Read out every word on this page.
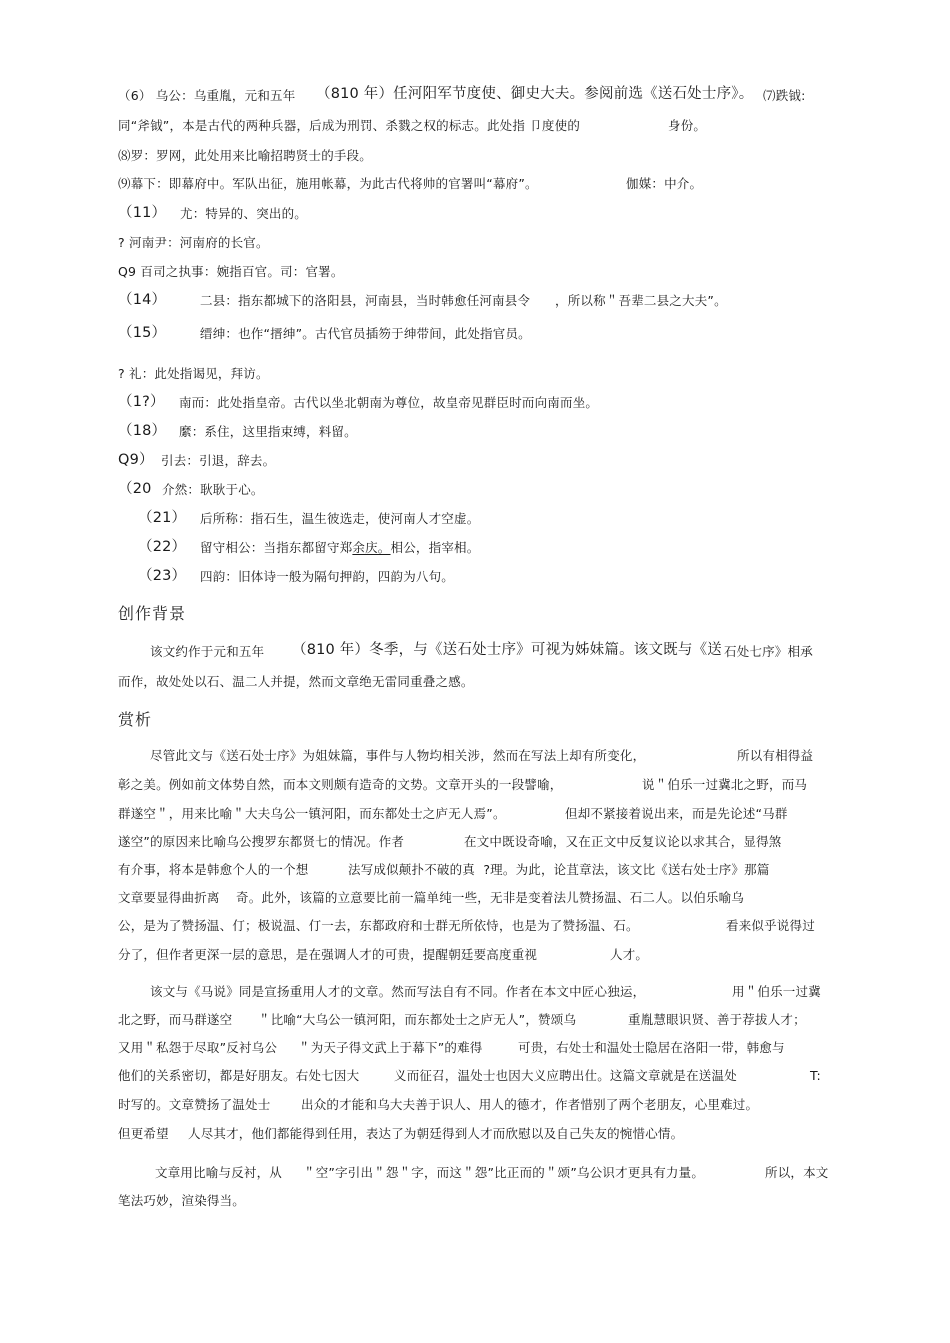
（6） 乌公：乌重胤，元和五年 （810 年）任河阳军节度使、御史大夫。参阅前选《送石处士序》。 ⑺跌钺:
同“斧钺”，本是古代的两种兵器，后成为刑罚、杀戮之权的标志。此处指 卩度使的	身份。
⑻罗：罗网，此处用来比喻招聘贤士的手段。
⑼幕下：即幕府中。军队出征，施用帐幕，为此古代将帅的官署叫“幕府”。	伽媒：中介。
（11） 尤：特异的、突出的。
? 河南尹：河南府的长官。
Q9 百司之执事：婉指百官。司：官署。
（14）	二县：指东都城下的洛阳县，河南县，当时韩愈任河南县令 ，所以称＂吾辈二县之大夫”。
（15）	缙绅：也作“搢绅”。古代官员插笏于绅带间，此处指官员。
? 礼：此处指谒见，拜访。
（1?） 南而：此处指皇帝。古代以坐北朝南为尊位，故皇帝见群臣时而向南而坐。
（18） 縻：系住，这里指束缚，料留。
Q9） 引去：引退，辞去。
（20 介然：耿耿于心。
（21） 后所称：指石生，温生彼选走，使河南人才空虚。
（22） 留守相公：当指东都留守郑余庆。相公，指宰相。
（23） 四韵：旧体诗一般为隔句押韵，四韵为八句。
创作背景
该文约作于元和五年 （810 年）冬季，与《送石处士序》可视为姊妹篇。该文既与《送 石处七序》相承
而作，故处处以石、温二人并提，然而文章绝无雷同重叠之感。
赏析
尽管此文与《送石处士序》为姐妹篇，事件与人物均相关涉，然而在写法上却有所变化，	所以有相得益
彰之美。例如前文体势自然，而本文则颇有造奇的文势。文章开头的一段譬喻，	说＂伯乐一过冀北之野，而马
群遂空＂，用来比喻＂大夫乌公一镇河阳，而东都处士之庐无人焉”。	但却不紧接着说出来，而是先论述“马群
遂空”的原因来比喻乌公搜罗东都贤七的情况。作者	在文中既设奇喻，又在正文中反复议论以求其合，显得煞
有介事，将本是韩愈个人的一个想	法写成似颠扑不破的真  ?理。为此，论苴章法，该文比《送右处士序》那篇
文章要显得曲折离 奇。此外，该篇的立意要比前一篇单纯一些，无非是变着法儿赞扬温、石二人。以伯乐喻乌
公，是为了赞扬温、仃；极说温、仃一去，东都政府和士群无所依恃，也是为了赞扬温、石。	看来似乎说得过
分了，但作者更深一层的意思，是在强调人才的可贵，提醒朝廷要高度重视	人才。
该文与《马说》同是宣扬重用人才的文章。然而写法自有不同。作者在本文中匠心独运，	用＂伯乐一过冀
北之野，而马群遂空 ＂比喻“大乌公一镇河阳，而东都处士之庐无人”，赞颂乌	重胤慧眼识贤、善于荐拔人才；
又用＂私怨于尽取”反衬乌公 ＂为天子得文武上于幕下”的难得	可贵，右处士和温处士隐居在洛阳一带，韩愈与
他们的关系密切，都是好朋友。右处七因大	义而征召，温处士也因大义应聘出仕。这篇文章就是在送温处	T:
时写的。文章赞扬了温处士 出众的才能和乌大夫善于识人、用人的德才，作者惜别了两个老朋友，心里难过。
但更希望 人尽其才，他们都能得到任用，表达了为朝廷得到人才而欣慰以及自己失友的惋惜心情。
文章用比喻与反衬，从 ＂空”字引出＂怨＂字，而这＂怨”比正而的＂颂”乌公识才更具有力量。	所以，本文
笔法巧妙，渲染得当。
